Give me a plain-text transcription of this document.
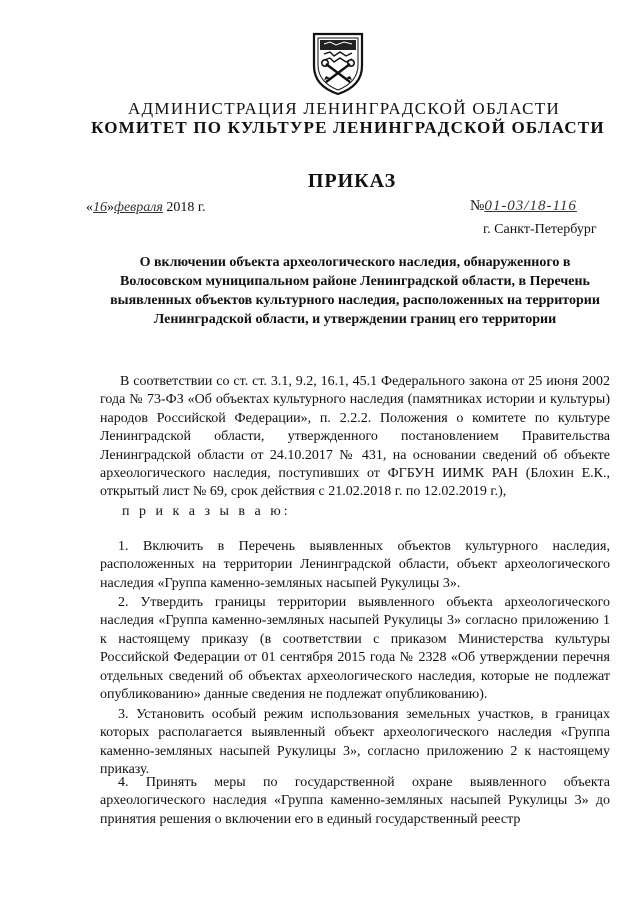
АДМИНИСТРАЦИЯ ЛЕНИНГРАДСКОЙ ОБЛАСТИ
КОМИТЕТ ПО КУЛЬТУРЕ ЛЕНИНГРАДСКОЙ ОБЛАСТИ
ПРИКАЗ
«16»февраля 2018 г.	№01-03/18-116
г. Санкт-Петербург
О включении объекта археологического наследия, обнаруженного в Волосовском муниципальном районе Ленинградской области, в Перечень выявленных объектов культурного наследия, расположенных на территории Ленинградской области, и утверждении границ его территории
В соответствии со ст. ст. 3.1, 9.2, 16.1, 45.1 Федерального закона от 25 июня 2002 года № 73-ФЗ «Об объектах культурного наследия (памятниках истории и культуры) народов Российской Федерации», п. 2.2.2. Положения о комитете по культуре Ленинградской области, утвержденного постановлением Правительства Ленинградской области от 24.10.2017 № 431, на основании сведений об объекте археологического наследия, поступивших от ФГБУН ИИМК РАН (Блохин Е.К., открытый лист № 69, срок действия с 21.02.2018 г. по 12.02.2019 г.),
п р и к а з ы в а ю:
1. Включить в Перечень выявленных объектов культурного наследия, расположенных на территории Ленинградской области, объект археологического наследия «Группа каменно-земляных насыпей Рукулицы 3».
2. Утвердить границы территории выявленного объекта археологического наследия «Группа каменно-земляных насыпей Рукулицы 3» согласно приложению 1 к настоящему приказу (в соответствии с приказом Министерства культуры Российской Федерации от 01 сентября 2015 года № 2328 «Об утверждении перечня отдельных сведений об объектах археологического наследия, которые не подлежат опубликованию» данные сведения не подлежат опубликованию).
3. Установить особый режим использования земельных участков, в границах которых располагается выявленный объект археологического наследия «Группа каменно-земляных насыпей Рукулицы 3», согласно приложению 2 к настоящему приказу.
4. Принять меры по государственной охране выявленного объекта археологического наследия «Группа каменно-земляных насыпей Рукулицы 3» до принятия решения о включении его в единый государственный реестр
